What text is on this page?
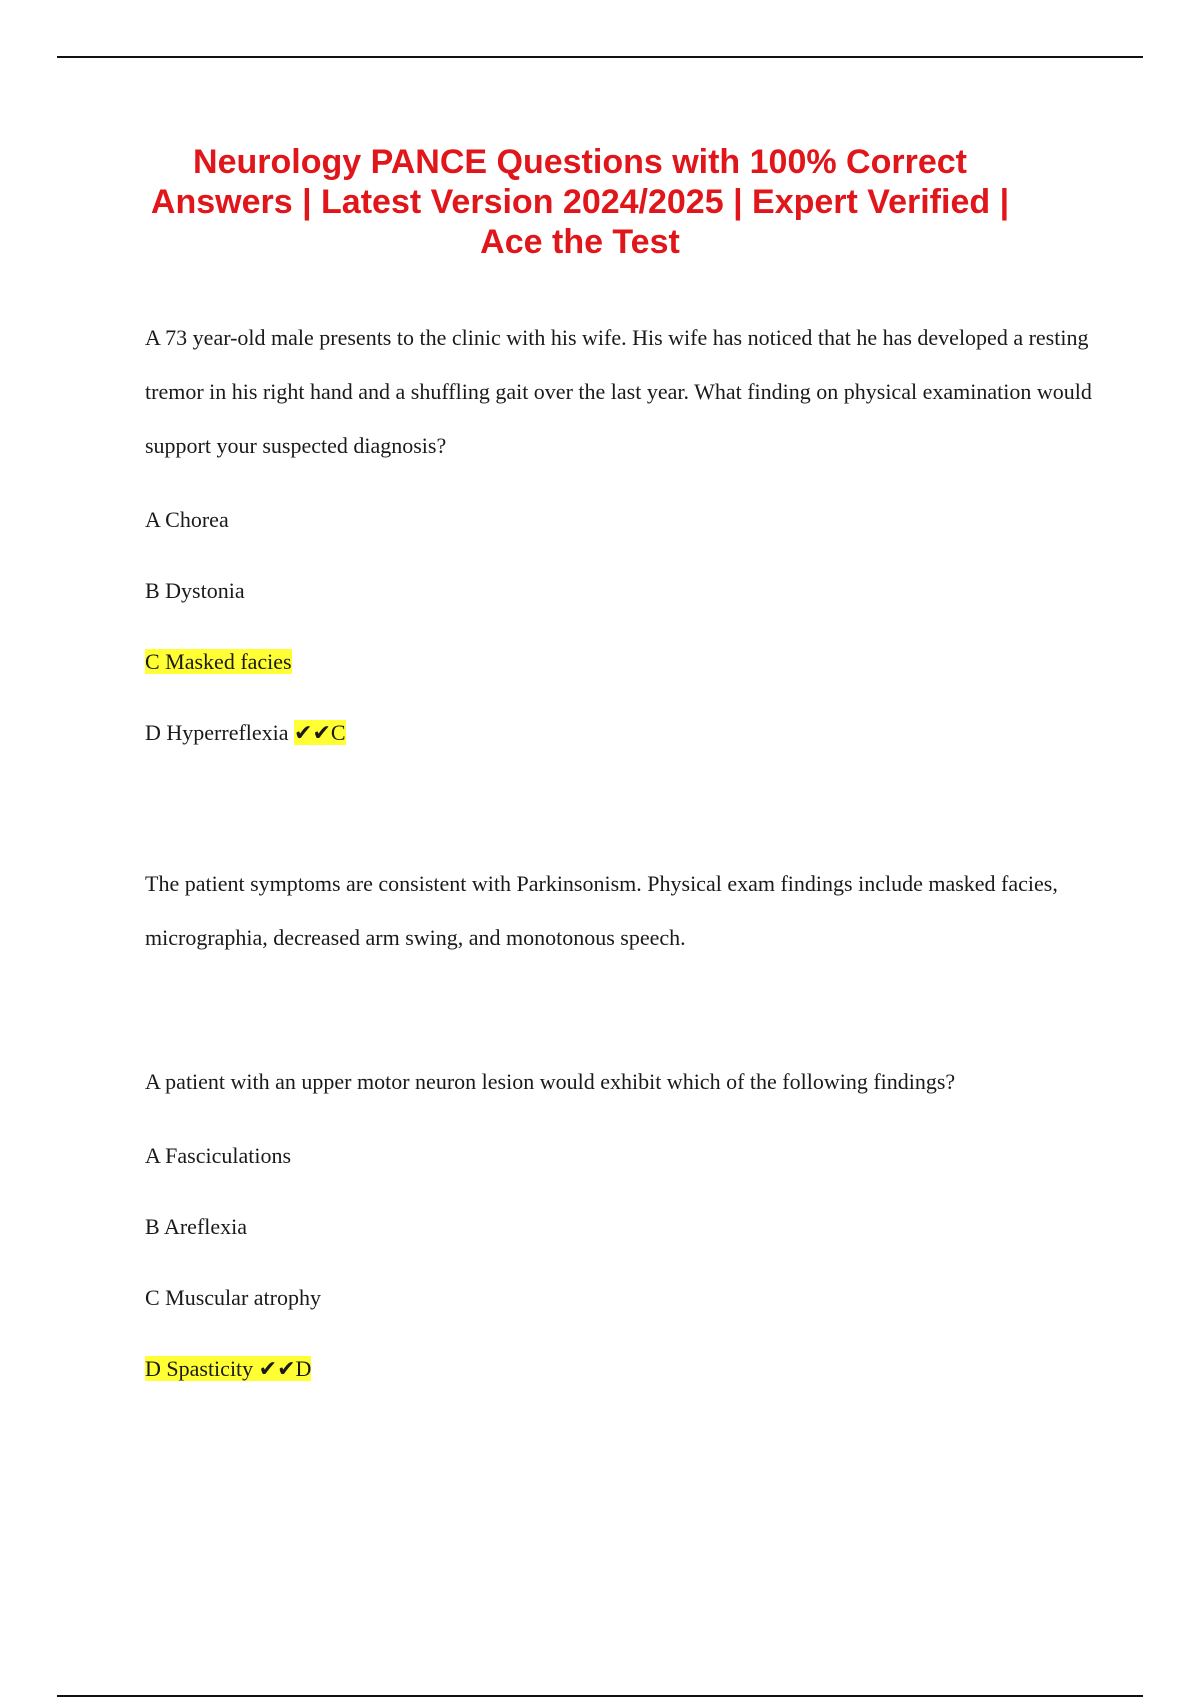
Neurology PANCE Questions with 100% Correct Answers | Latest Version 2024/2025 | Expert Verified | Ace the Test

A 73 year-old male presents to the clinic with his wife. His wife has noticed that he has developed a resting tremor in his right hand and a shuffling gait over the last year. What finding on physical examination would support your suspected diagnosis?

A Chorea

B Dystonia

C Masked facies

D Hyperreflexia ✔✔C

The patient symptoms are consistent with Parkinsonism. Physical exam findings include masked facies, micrographia, decreased arm swing, and monotonous speech.

A patient with an upper motor neuron lesion would exhibit which of the following findings?

A Fasciculations

B Areflexia

C Muscular atrophy

D Spasticity ✔✔D
